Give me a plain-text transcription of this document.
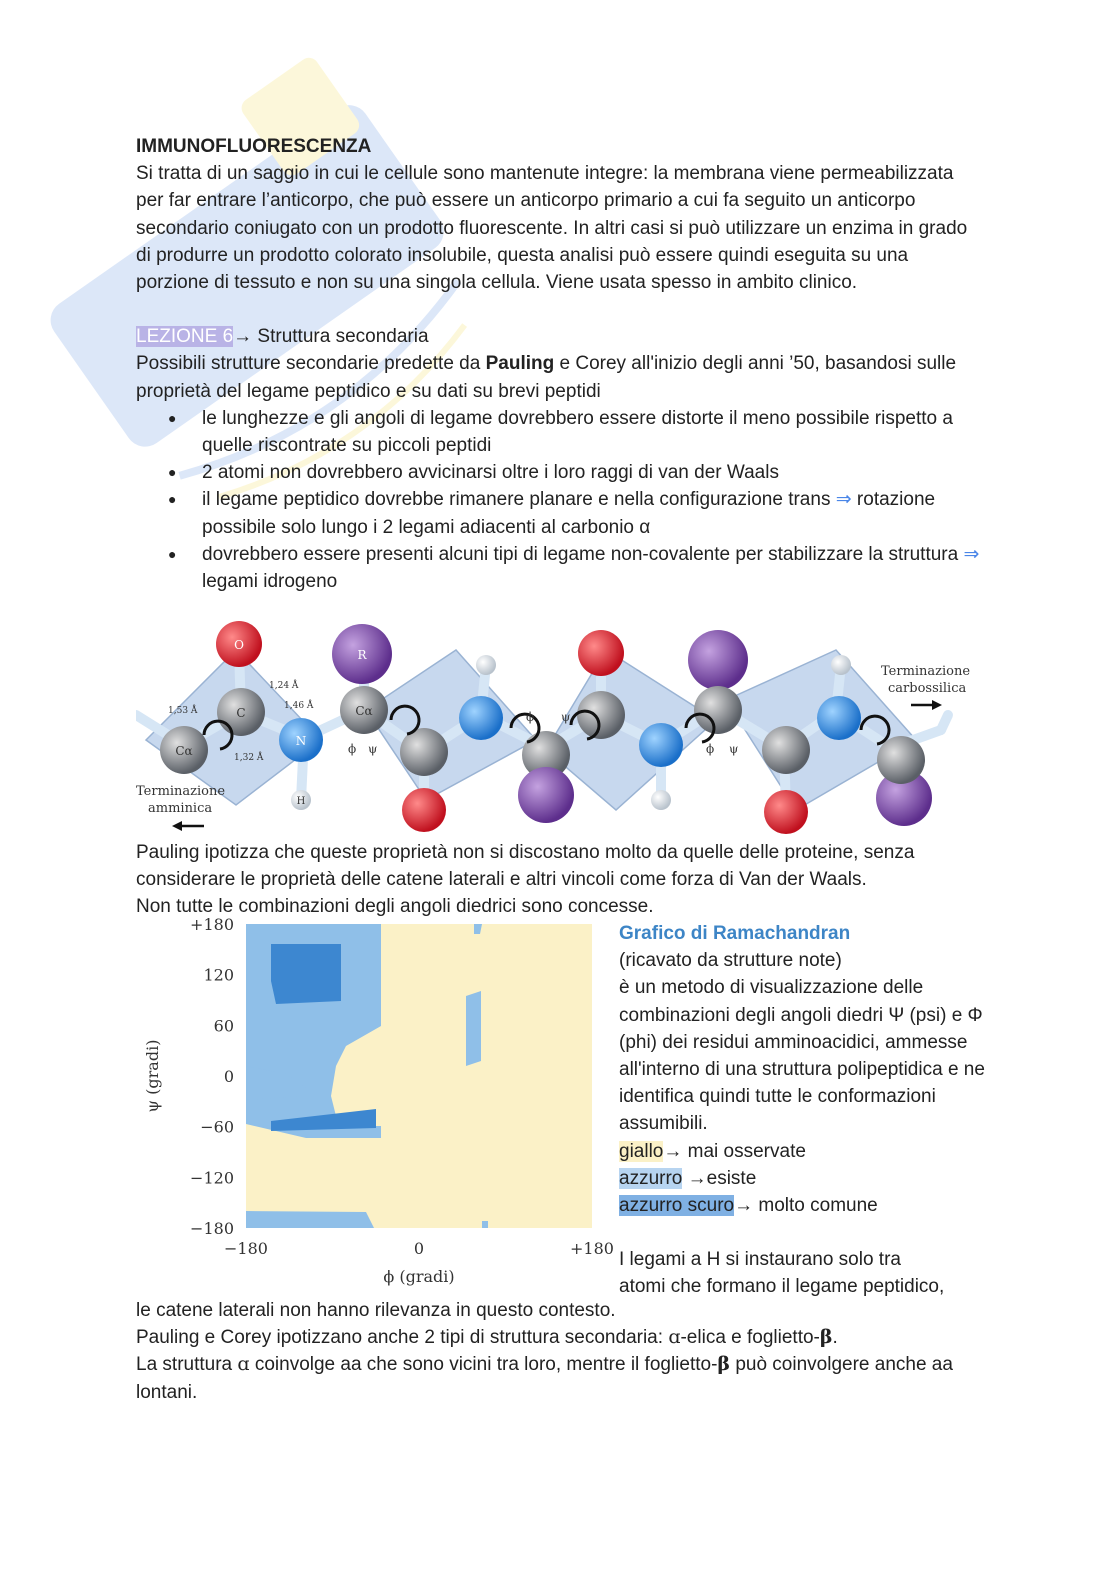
IMMUNOFLUORESCENZA

Si tratta di un saggio in cui le cellule sono mantenute integre: la membrana viene permeabilizzata per far entrare l’anticorpo, che può essere un anticorpo primario a cui fa seguito un anticorpo secondario coniugato con un prodotto fluorescente. In altri casi si può utilizzare un enzima in grado di produrre un prodotto colorato insolubile, questa analisi può essere quindi eseguita su una porzione di tessuto e non su una singola cellula. Viene usata spesso in ambito clinico.

LEZIONE 6→ Struttura secondaria

Possibili strutture secondarie predette da Pauling e Corey all'inizio degli anni ’50, basandosi sulle proprietà del legame peptidico e su dati su brevi peptidi

● le lunghezze e gli angoli di legame dovrebbero essere distorte il meno possibile rispetto a quelle riscontrate su piccoli peptidi
● 2 atomi non dovrebbero avvicinarsi oltre i loro raggi di van der Waals
● il legame peptidico dovrebbe rimanere planare e nella configurazione trans ⇒ rotazione possibile solo lungo i 2 legami adiacenti al carbonio α
● dovrebbero essere presenti alcuni tipi di legame non-covalente per stabilizzare la struttura ⇒ legami idrogeno
O
C
Cα
N
H
R
Cα
1,53 Å
1,24 Å
1,46 Å
1,32 Å
ϕ ψ
ϕ ψ
ϕ ψ
Terminazione
amminica
Terminazione
carbossilica

Pauling ipotizza che queste proprietà non si discostano molto da quelle delle proteine, senza considerare le proprietà delle catene laterali e altri vincoli come forza di Van der Waals.

Non tutte le combinazioni degli angoli diedrici sono concesse.

+180
120
60
0
−60
−120
−180
−180	0	+180
ϕ (gradi)
ψ (gradi)

Grafico di Ramachandran

(ricavato da strutture note)

è un metodo di visualizzazione delle combinazioni degli angoli diedri Ψ (psi) e Φ (phi) dei residui amminoacidici, ammesse all'interno di una struttura polipeptidica e ne identifica quindi tutte le conformazioni assumibili.

giallo→ mai osservate

azzurro →esiste

azzurro scuro→ molto comune

I legami a H si instaurano solo tra

atomi che formano il legame peptidico,

le catene laterali non hanno rilevanza in questo contesto.

Pauling e Corey ipotizzano anche 2 tipi di struttura secondaria: ɑ-elica e foglietto-β.

La struttura ɑ coinvolge aa che sono vicini tra loro, mentre il foglietto-β può coinvolgere anche aa lontani.
